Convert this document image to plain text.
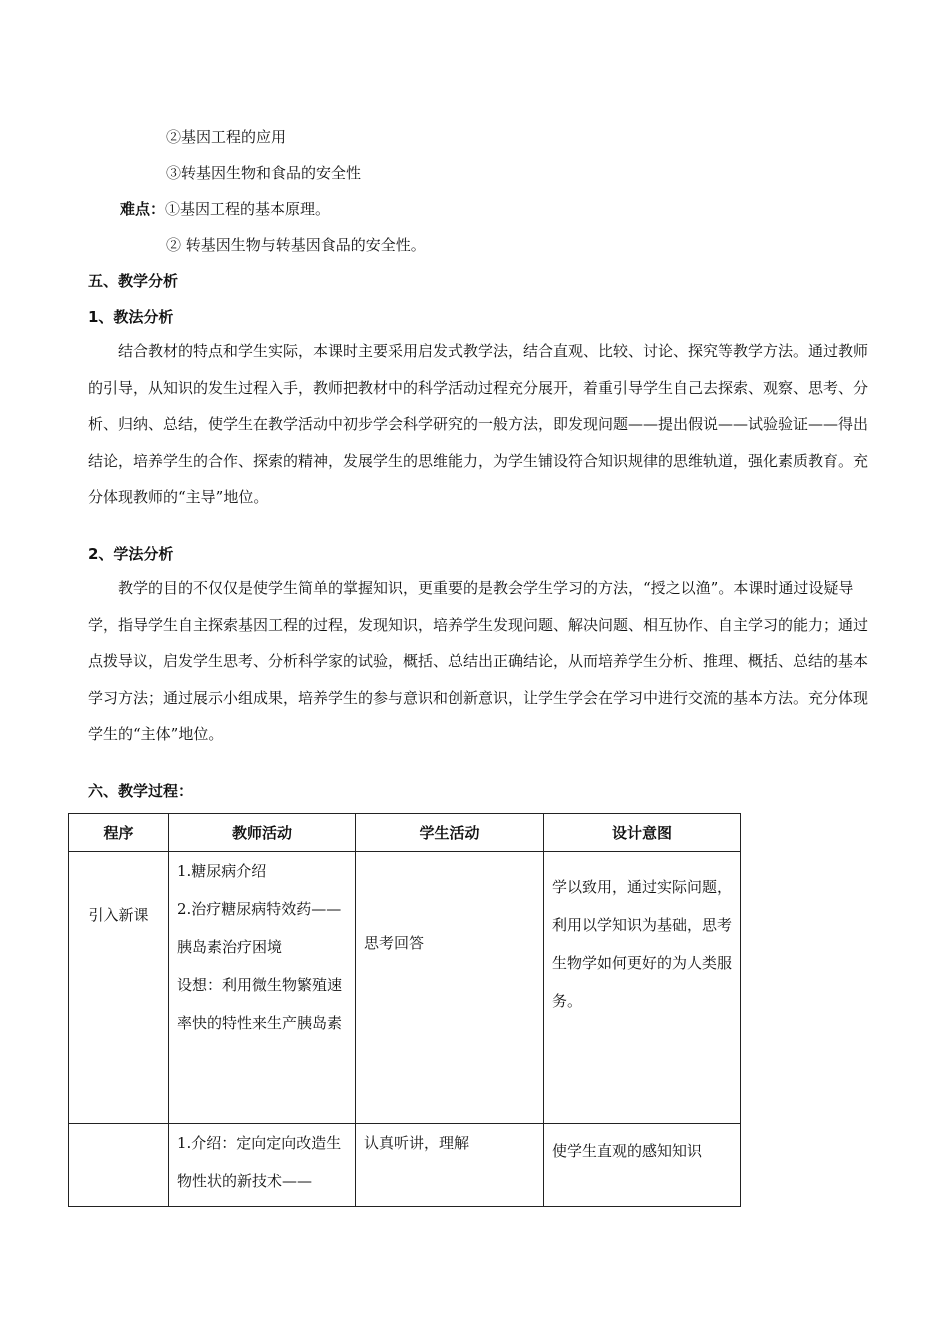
②基因工程的应用
③转基因生物和食品的安全性
难点：①基因工程的基本原理。
② 转基因生物与转基因食品的安全性。
五、教学分析
1、教法分析
结合教材的特点和学生实际，本课时主要采用启发式教学法，结合直观、比较、讨论、探究等教学方法。通过教师的引导，从知识的发生过程入手，教师把教材中的科学活动过程充分展开，着重引导学生自己去探索、观察、思考、分析、归纳、总结，使学生在教学活动中初步学会科学研究的一般方法，即发现问题——提出假说——试验验证——得出结论，培养学生的合作、探索的精神，发展学生的思维能力，为学生铺设符合知识规律的思维轨道，强化素质教育。充分体现教师的“主导”地位。
2、学法分析
教学的目的不仅仅是使学生简单的掌握知识，更重要的是教会学生学习的方法，“授之以渔”。本课时通过设疑导学，指导学生自主探索基因工程的过程，发现知识，培养学生发现问题、解决问题、相互协作、自主学习的能力；通过点拨导议，启发学生思考、分析科学家的试验，概括、总结出正确结论，从而培养学生分析、推理、概括、总结的基本学习方法；通过展示小组成果，培养学生的参与意识和创新意识，让学生学会在学习中进行交流的基本方法。充分体现学生的“主体”地位。
六、教学过程：
程序	教师活动	学生活动	设计意图

引入新课	1.糖尿病介绍
2.治疗糖尿病特效药——胰岛素治疗困境
设想：利用微生物繁殖速率快的特性来生产胰岛素	思考回答	学以致用，通过实际问题，利用以学知识为基础，思考生物学如何更好的为人类服务。

	1.介绍：定向定向改造生物性状的新技术——	认真听讲，理解	使学生直观的感知知识
